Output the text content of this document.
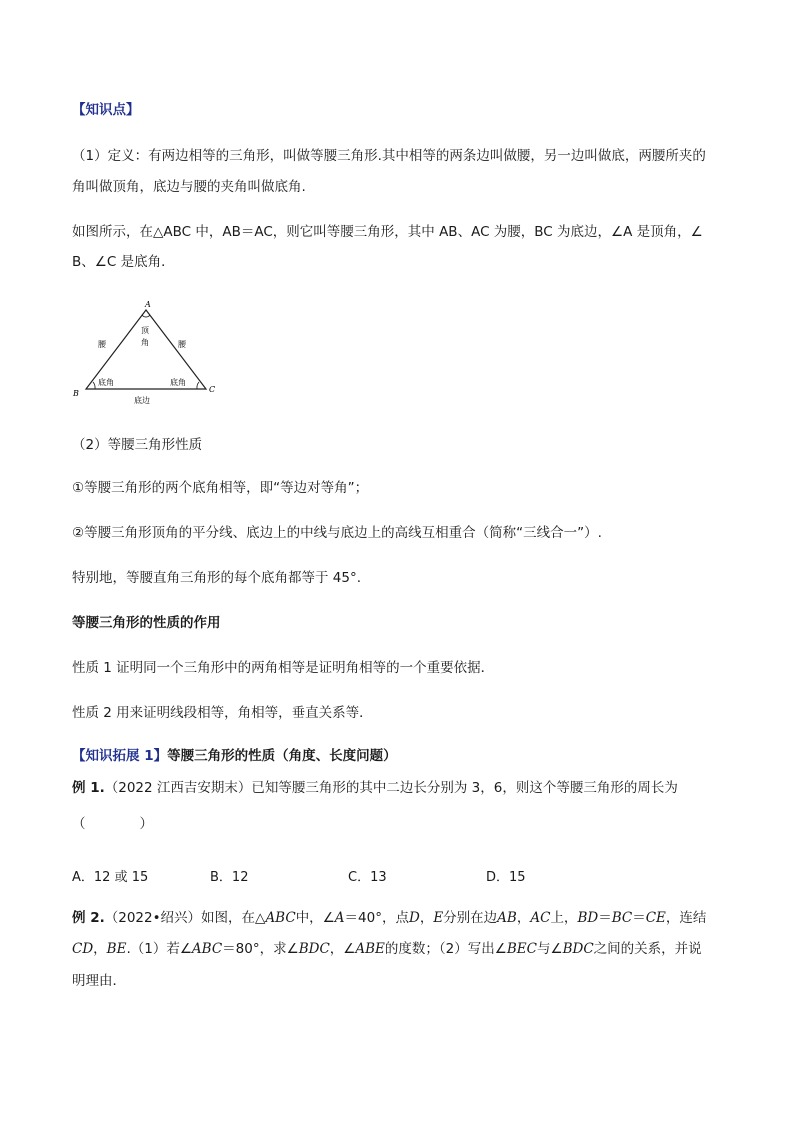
【知识点】
（1）定义：有两边相等的三角形，叫做等腰三角形.其中相等的两条边叫做腰，另一边叫做底，两腰所夹的
角叫做顶角，底边与腰的夹角叫做底角.
如图所示，在△ABC 中，AB＝AC，则它叫等腰三角形，其中 AB、AC 为腰，BC 为底边，∠A 是顶角，∠
B、∠C 是底角．
A
B	C
顶
角
腰	腰
底角	底角
底边
（2）等腰三角形性质
①等腰三角形的两个底角相等，即“等边对等角”；
②等腰三角形顶角的平分线、底边上的中线与底边上的高线互相重合（简称“三线合一”）.
特别地，等腰直角三角形的每个底角都等于 45°.
等腰三角形的性质的作用
性质 1 证明同一个三角形中的两角相等是证明角相等的一个重要依据．
性质 2 用来证明线段相等，角相等，垂直关系等．
【知识拓展 1】等腰三角形的性质（角度、长度问题）
例 1.（2022 江西吉安期末）已知等腰三角形的其中二边长分别为 3，6，则这个等腰三角形的周长为
（　　　　）
A．12 或 15	B．12	C．13	D．15
例 2.（2022•绍兴）如图，在△ABC中，∠A＝40°，点D，E分别在边AB，AC上，BD＝BC＝CE，连结
CD，BE.（1）若∠ABC＝80°，求∠BDC，∠ABE的度数；（2）写出∠BEC与∠BDC之间的关系，并说
明理由．
